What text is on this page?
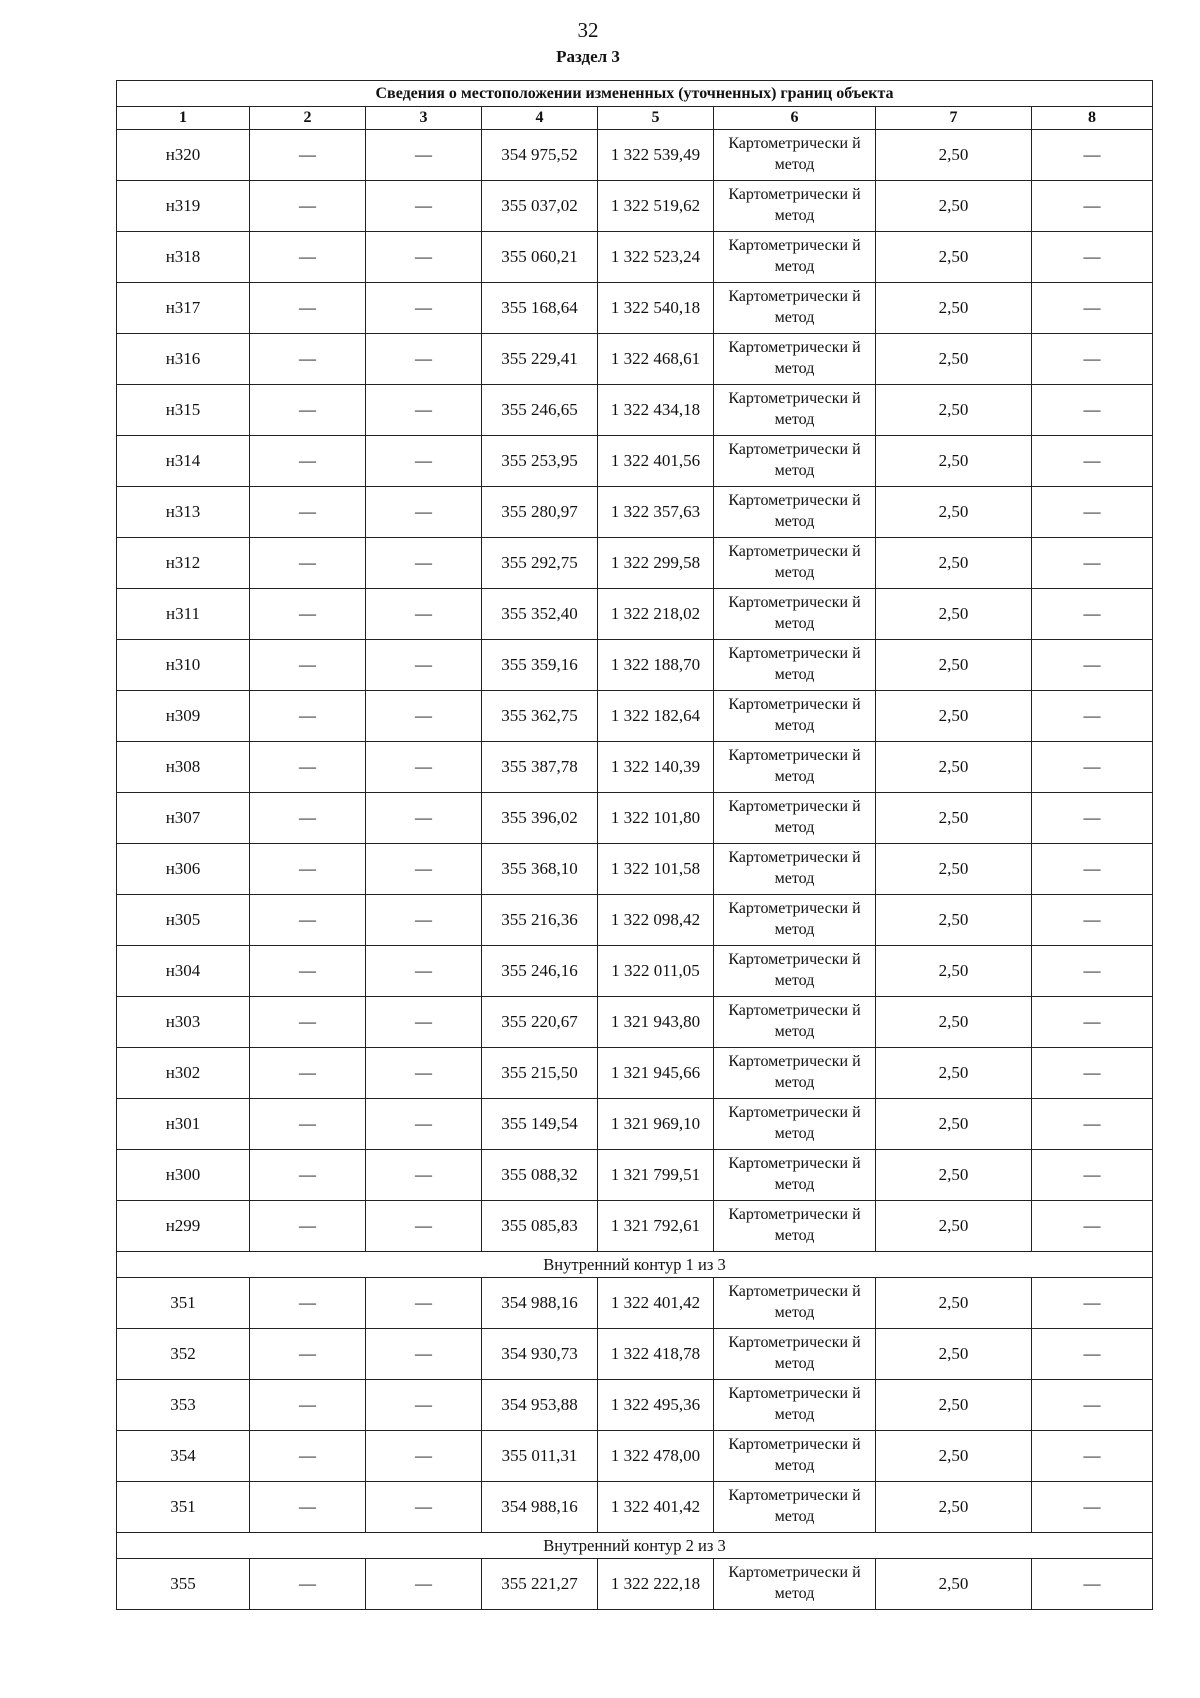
32
Раздел 3
Сведения о местоположении измененных (уточненных) границ объекта							
1	2	3	4	5	6	7	8
н320	—	—	354 975,52	1 322 539,49	Картометрически й метод	2,50	—
н319	—	—	355 037,02	1 322 519,62	Картометрически й метод	2,50	—
н318	—	—	355 060,21	1 322 523,24	Картометрически й метод	2,50	—
н317	—	—	355 168,64	1 322 540,18	Картометрически й метод	2,50	—
н316	—	—	355 229,41	1 322 468,61	Картометрически й метод	2,50	—
н315	—	—	355 246,65	1 322 434,18	Картометрически й метод	2,50	—
н314	—	—	355 253,95	1 322 401,56	Картометрически й метод	2,50	—
н313	—	—	355 280,97	1 322 357,63	Картометрически й метод	2,50	—
н312	—	—	355 292,75	1 322 299,58	Картометрически й метод	2,50	—
н311	—	—	355 352,40	1 322 218,02	Картометрически й метод	2,50	—
н310	—	—	355 359,16	1 322 188,70	Картометрически й метод	2,50	—
н309	—	—	355 362,75	1 322 182,64	Картометрически й метод	2,50	—
н308	—	—	355 387,78	1 322 140,39	Картометрически й метод	2,50	—
н307	—	—	355 396,02	1 322 101,80	Картометрически й метод	2,50	—
н306	—	—	355 368,10	1 322 101,58	Картометрически й метод	2,50	—
н305	—	—	355 216,36	1 322 098,42	Картометрически й метод	2,50	—
н304	—	—	355 246,16	1 322 011,05	Картометрически й метод	2,50	—
н303	—	—	355 220,67	1 321 943,80	Картометрически й метод	2,50	—
н302	—	—	355 215,50	1 321 945,66	Картометрически й метод	2,50	—
н301	—	—	355 149,54	1 321 969,10	Картометрически й метод	2,50	—
н300	—	—	355 088,32	1 321 799,51	Картометрически й метод	2,50	—
н299	—	—	355 085,83	1 321 792,61	Картометрически й метод	2,50	—
Внутренний контур 1 из 3							
351	—	—	354 988,16	1 322 401,42	Картометрически й метод	2,50	—
352	—	—	354 930,73	1 322 418,78	Картометрически й метод	2,50	—
353	—	—	354 953,88	1 322 495,36	Картометрически й метод	2,50	—
354	—	—	355 011,31	1 322 478,00	Картометрически й метод	2,50	—
351	—	—	354 988,16	1 322 401,42	Картометрически й метод	2,50	—
Внутренний контур 2 из 3							
355	—	—	355 221,27	1 322 222,18	Картометрически й метод	2,50	—
